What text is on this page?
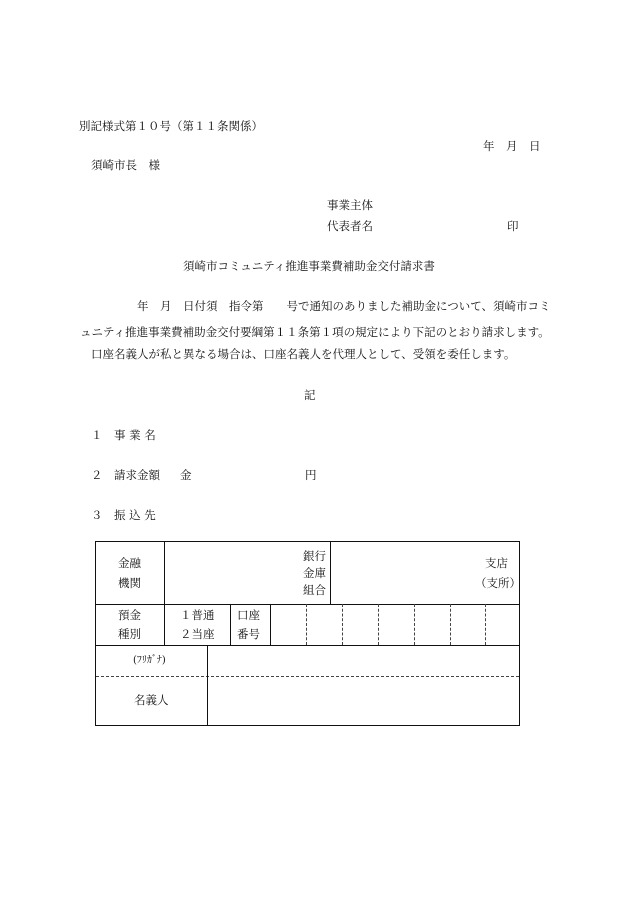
別記様式第１０号（第１１条関係）
年　月　日
須崎市長　様
事業主体
代表者名	印
須崎市コミュニティ推進事業費補助金交付請求書
年　月　日付須　指令第　　号で通知のありました補助金について、須崎市コミ
ュニティ推進事業費補助金交付要綱第１１条第１項の規定により下記のとおり請求します。
口座名義人が私と異なる場合は、口座名義人を代理人として、受領を委任します。
記
１　事 業 名
２　請求金額 金	円
３　振 込 先
金融
機関
銀行
金庫
組合
支店
（支所）
預金
種別
１普通
２当座
口座
番号
(ﾌﾘｶﾞﾅ)
名義人
